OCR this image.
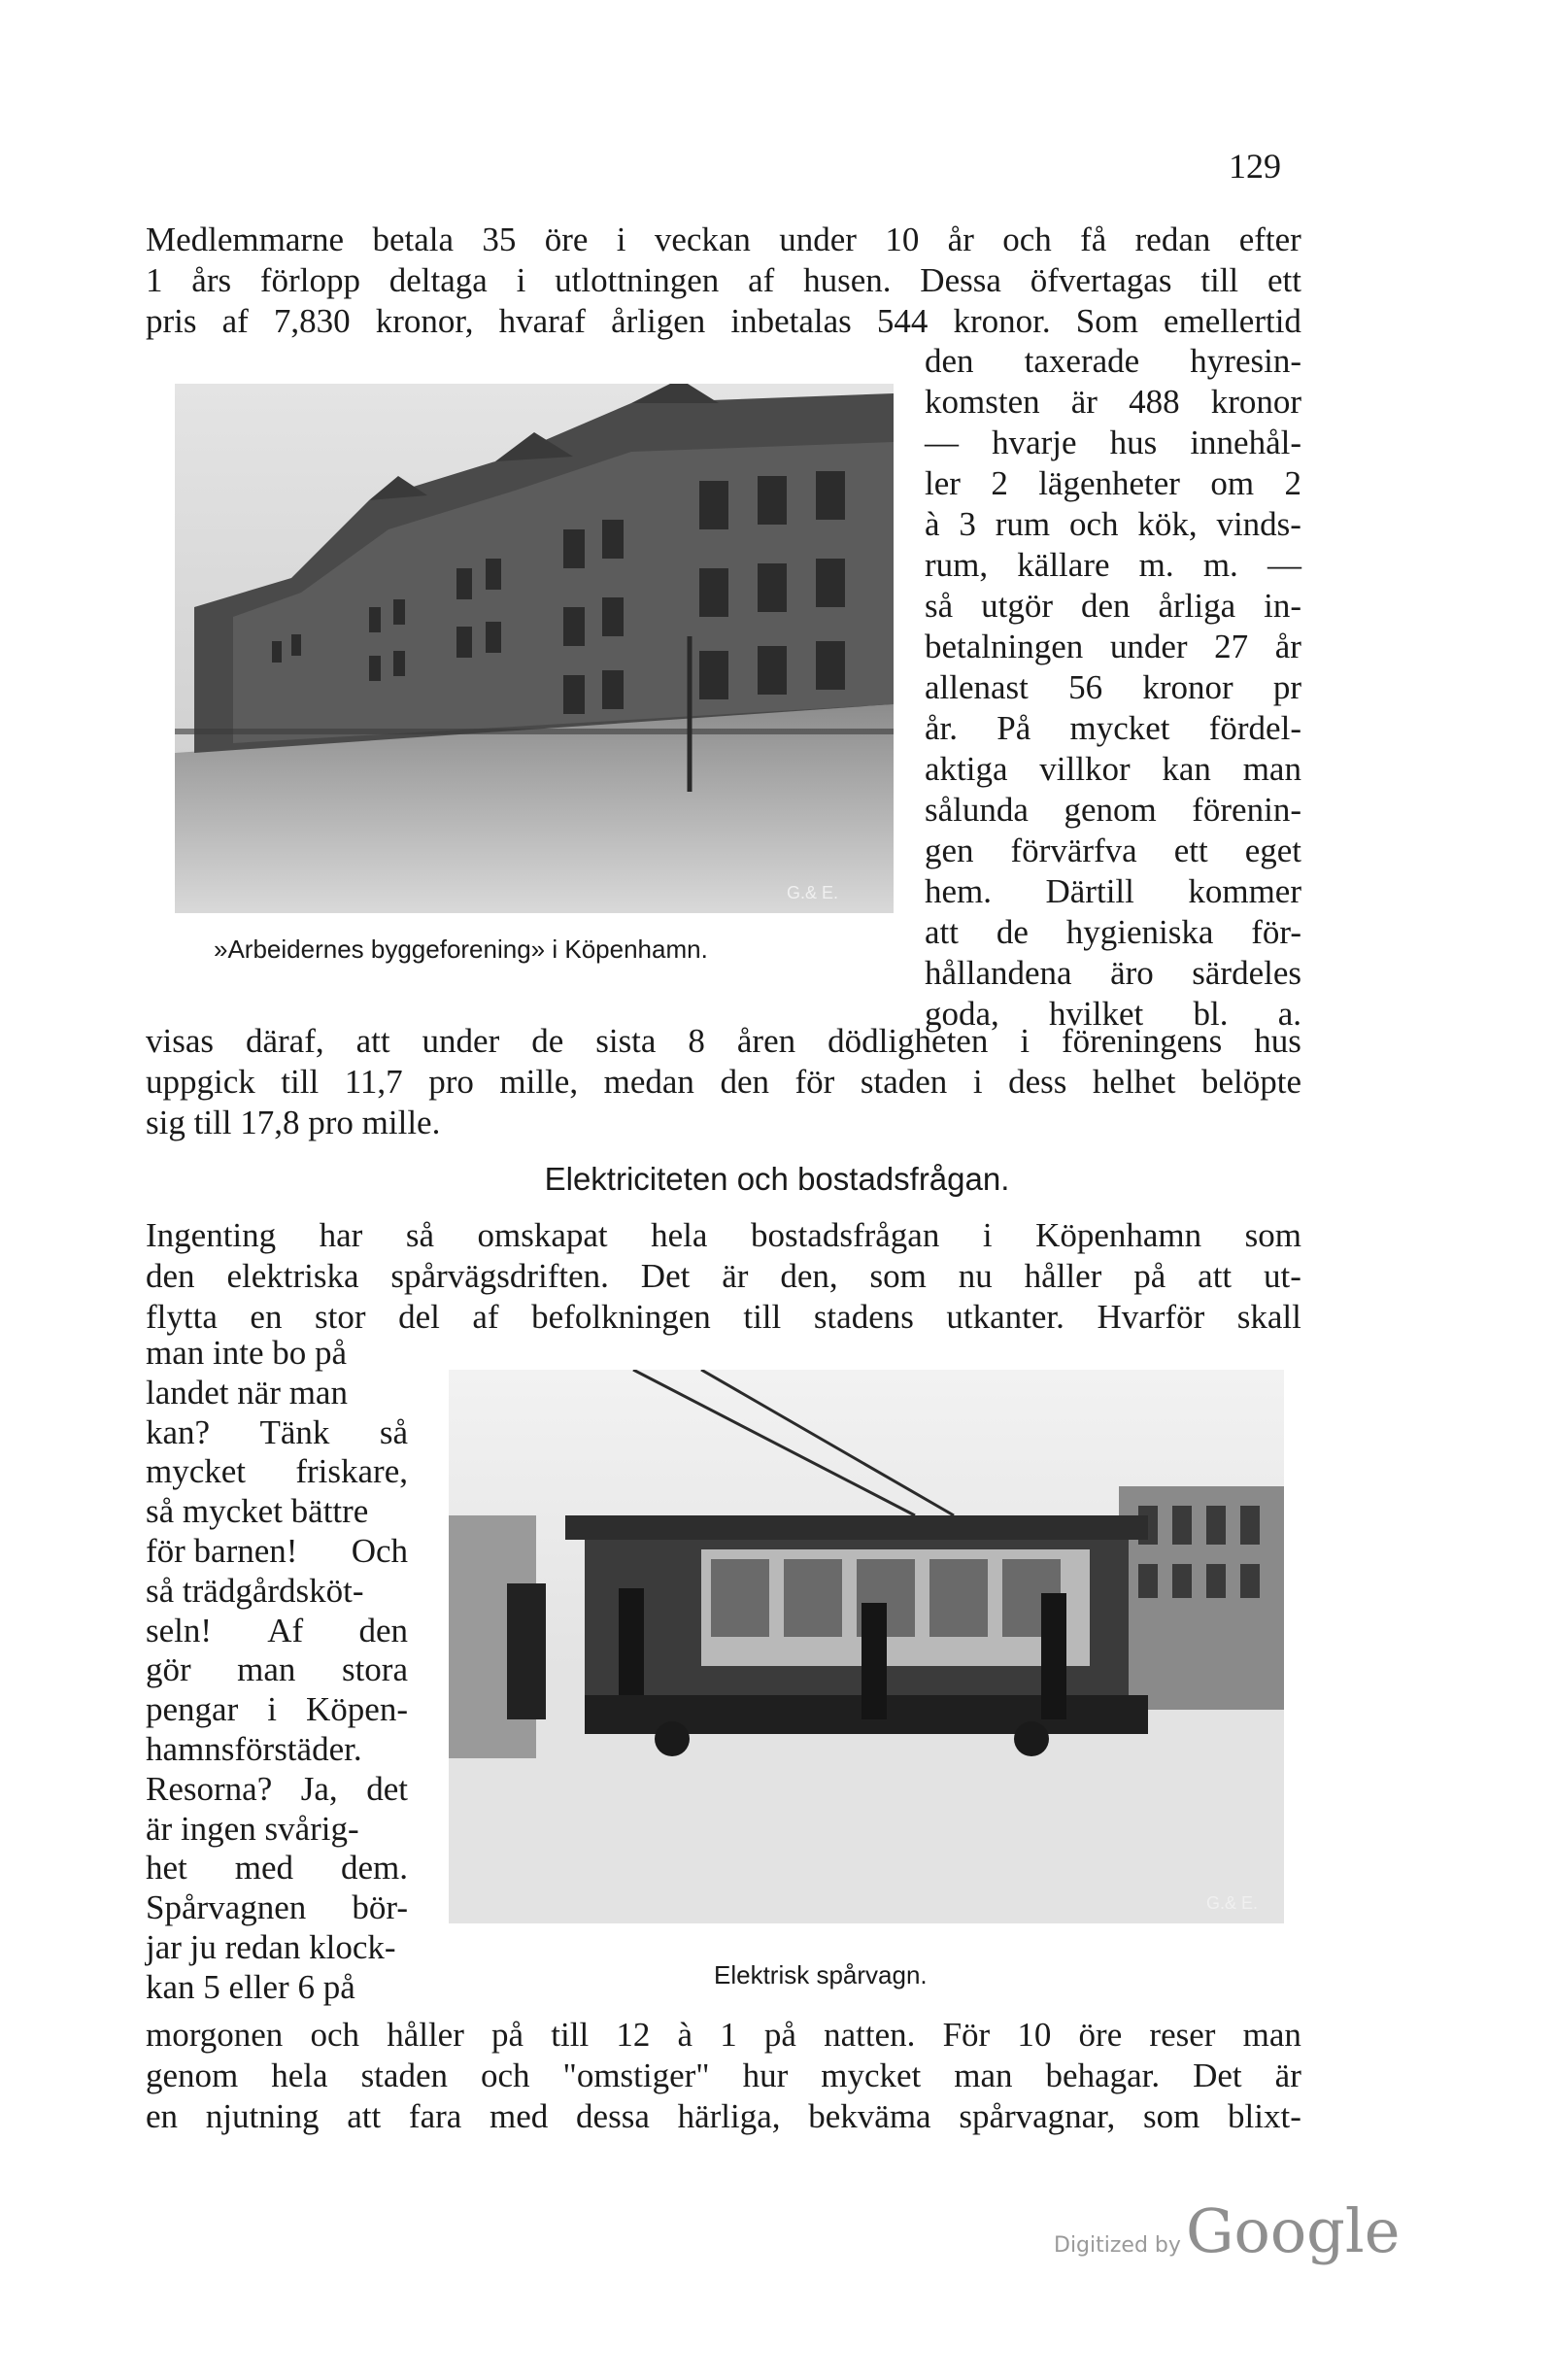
129
Medlemmarne betala 35 öre i veckan under 10 år och få redan efter
1 års förlopp deltaga i utlottningen af husen. Dessa öfvertagas till ett
pris af 7,830 kronor, hvaraf årligen inbetalas 544 kronor. Som emellertid
den taxerade hyresin-
komsten är 488 kronor
— hvarje hus innehål-
ler 2 lägenheter om 2
à 3 rum och kök, vinds-
rum, källare m. m. —
så utgör den årliga in-
betalningen under 27 år
allenast 56 kronor pr
år. På mycket fördel-
aktiga villkor kan man
sålunda genom förenin-
gen förvärfva ett eget
hem. Därtill kommer
att de hygieniska för-
hållandena äro särdeles
goda, hvilket bl. a.
visas däraf, att under de sista 8 åren dödligheten i föreningens hus
uppgick till 11,7 pro mille, medan den för staden i dess helhet belöpte
sig till 17,8 pro mille.
G.& E.
»Arbeidernes byggeforening» i Köpenhamn.
Elektriciteten och bostadsfrågan.
Ingenting har så omskapat hela bostadsfrågan i Köpenhamn som
den elektriska spårvägsdriften. Det är den, som nu håller på att ut-
flytta en stor del af befolkningen till stadens utkanter. Hvarför skall
man inte bo på
landet när man
kan? Tänk så
mycket friskare,
så mycket bättre
för barnen! Och
så trädgårdsköt-
seln! Af den
gör man stora
pengar i Köpen-
hamnsförstäder.
Resorna? Ja, det
är ingen svårig-
het med dem.
Spårvagnen bör-
jar ju redan klock-
kan 5 eller 6 på
morgonen och håller på till 12 à 1 på natten. För 10 öre reser man
genom hela staden och "omstiger" hur mycket man behagar. Det är
en njutning att fara med dessa härliga, bekväma spårvagnar, som blixt-
G.& E.
Elektrisk spårvagn.
Digitized by Google
